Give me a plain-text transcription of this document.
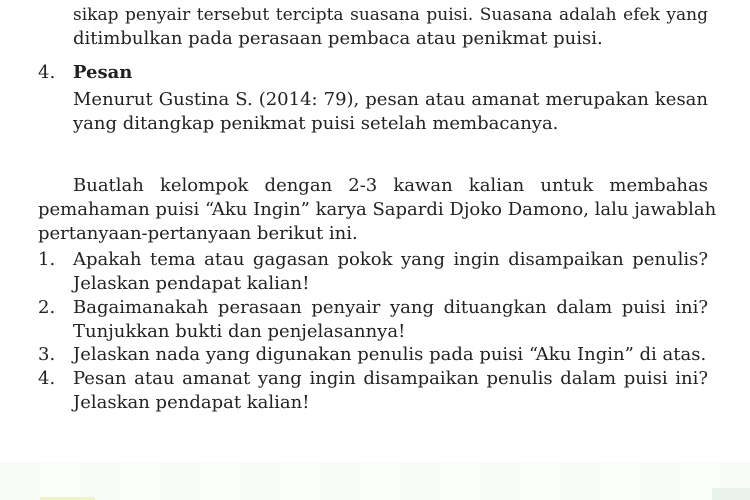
sikap penyair tersebut tercipta suasana puisi. Suasana adalah efek yang
ditimbulkan pada perasaan pembaca atau penikmat puisi.
4. Pesan
Menurut Gustina S. (2014: 79), pesan atau amanat merupakan kesan
yang ditangkap penikmat puisi setelah membacanya.
Buatlah kelompok dengan 2-3 kawan kalian untuk membahas
pemahaman puisi “Aku Ingin” karya Sapardi Djoko Damono, lalu jawablah
pertanyaan-pertanyaan berikut ini.
1. Apakah tema atau gagasan pokok yang ingin disampaikan penulis?
Jelaskan pendapat kalian!
2. Bagaimanakah perasaan penyair yang dituangkan dalam puisi ini?
Tunjukkan bukti dan penjelasannya!
3. Jelaskan nada yang digunakan penulis pada puisi “Aku Ingin” di atas.
4. Pesan atau amanat yang ingin disampaikan penulis dalam puisi ini?
Jelaskan pendapat kalian!
